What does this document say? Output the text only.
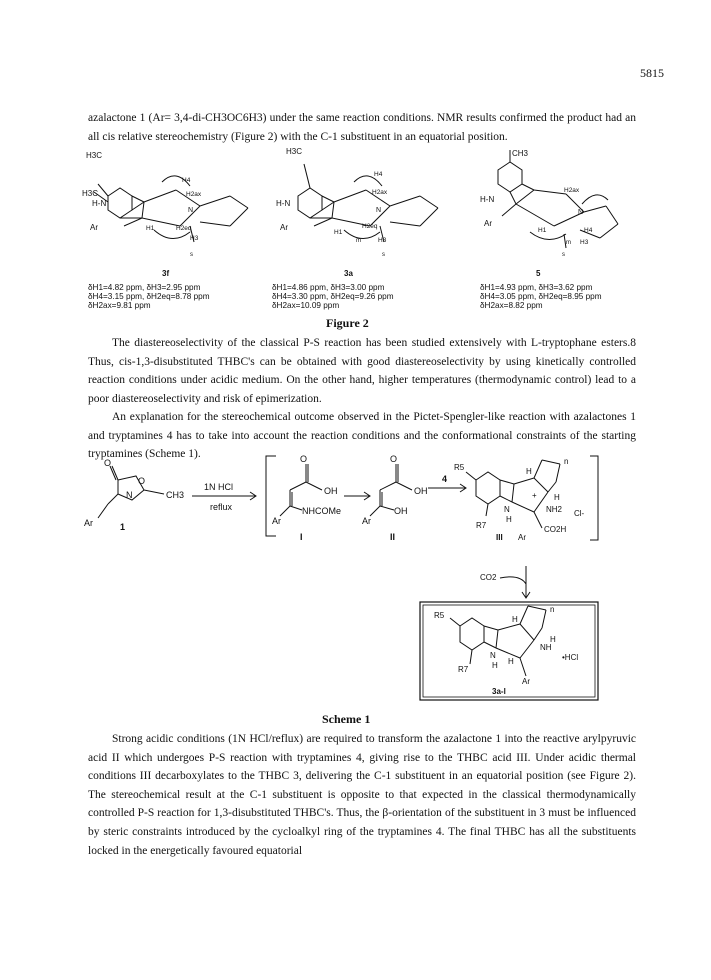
5815

azalactone 1 (Ar= 3,4-di-CH3OC6H3) under the same reaction conditions. NMR results confirmed the product had an all cis relative stereochemistry (Figure 2) with the C-1 substituent in an equatorial position.

H3C
H3C
H-N
Ar
H4
H2ax
N
H1	H2eq
H3
s
H3C
H-N
Ar
H4
H2ax
N
H1
H2eq
m	H3
s
CH3
H-N
Ar
H2ax
N
H1	H4
m H3
s
3f	3a	5
δH1=4.82 ppm, δH3=2.95 ppm
δH4=3.15 ppm, δH2eq=8.78 ppm
δH2ax=9.81 ppm
δH1=4.86 ppm, δH3=3.00 ppm
δH4=3.30 ppm, δH2eq=9.26 ppm
δH2ax=10.09 ppm
δH1=4.93 ppm, δH3=3.62 ppm
δH4=3.05 ppm, δH2eq=8.95 ppm
δH2ax=8.82 ppm
Figure 2

The diastereoselectivity of the classical P-S reaction has been studied extensively with L-tryptophane esters.8 Thus, cis-1,3-disubstituted THBC's can be obtained with good diastereoselectivity by using kinetically controlled reaction conditions under acidic medium. On the other hand, higher temperatures (thermodynamic control) lead to a poor diastereoselectivity and risk of epimerization.

An explanation for the stereochemical outcome observed in the Pictet-Spengler-like reaction with azalactones 1 and tryptamines 4 has to take into account the reaction conditions and the conformational constraints of the starting tryptamines (Scheme 1).

O
N
O
CH3
Ar	1
1N HCl
reflux
O
OH
NHCOMe
Ar
I
O
OH
OH
Ar
II
4
R5	H
n
+ H
N	NH2 Cl-
H
CO2H
R7
III Ar
CO2
R5	H
n
H
NH
•HCl
N
H H
R7
Ar
3a-l
Scheme 1

Strong acidic conditions (1N HCl/reflux) are required to transform the azalactone 1 into the reactive arylpyruvic acid II which undergoes P-S reaction with tryptamines 4, giving rise to the THBC acid III. Under acidic thermal conditions III decarboxylates to the THBC 3, delivering the C-1 substituent in an equatorial position (see Figure 2). The stereochemical result at the C-1 substituent is opposite to that expected in the classical thermodynamically controlled P-S reaction for 1,3-disubstituted THBC's. Thus, the β-orientation of the substituent in 3 must be influenced by steric constraints introduced by the cycloalkyl ring of the tryptamines 4. The final THBC has all the substituents locked in the energetically favoured equatorial
